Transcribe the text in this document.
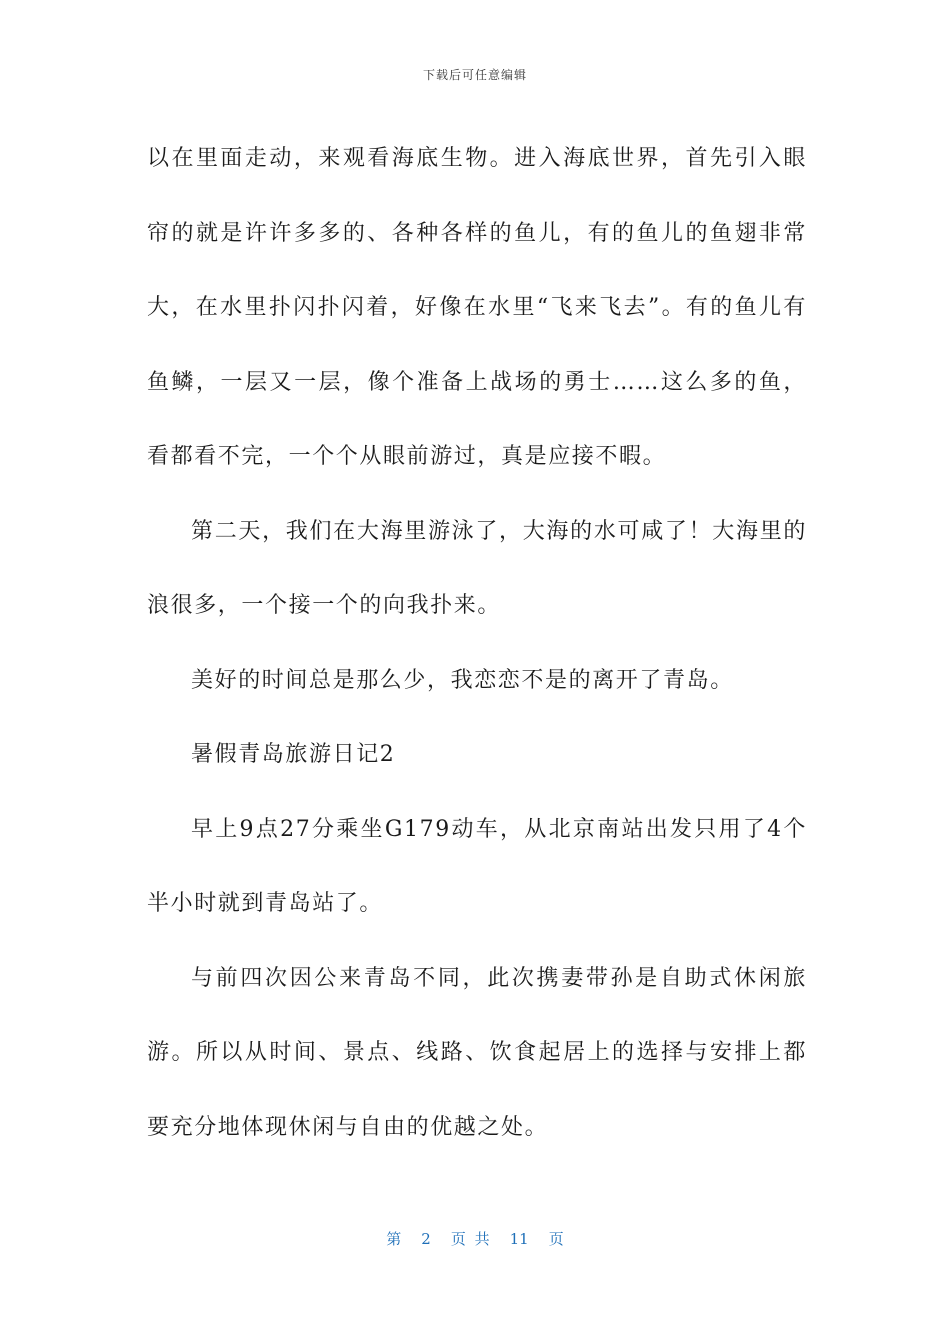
下载后可任意编辑

以在里面走动，来观看海底生物。进入海底世界，首先引入眼帘的就是许许多多的、各种各样的鱼儿，有的鱼儿的鱼翅非常大，在水里扑闪扑闪着，好像在水里“飞来飞去”。有的鱼儿有鱼鳞，一层又一层，像个准备上战场的勇士……这么多的鱼，看都看不完，一个个从眼前游过，真是应接不暇。

第二天，我们在大海里游泳了，大海的水可咸了！大海里的浪很多，一个接一个的向我扑来。

美好的时间总是那么少，我恋恋不是的离开了青岛。

暑假青岛旅游日记2

早上9点27分乘坐G179动车，从北京南站出发只用了4个半小时就到青岛站了。

与前四次因公来青岛不同，此次携妻带孙是自助式休闲旅游。所以从时间、景点、线路、饮食起居上的选择与安排上都要充分地体现休闲与自由的优越之处。

第 2 页 共 11 页
